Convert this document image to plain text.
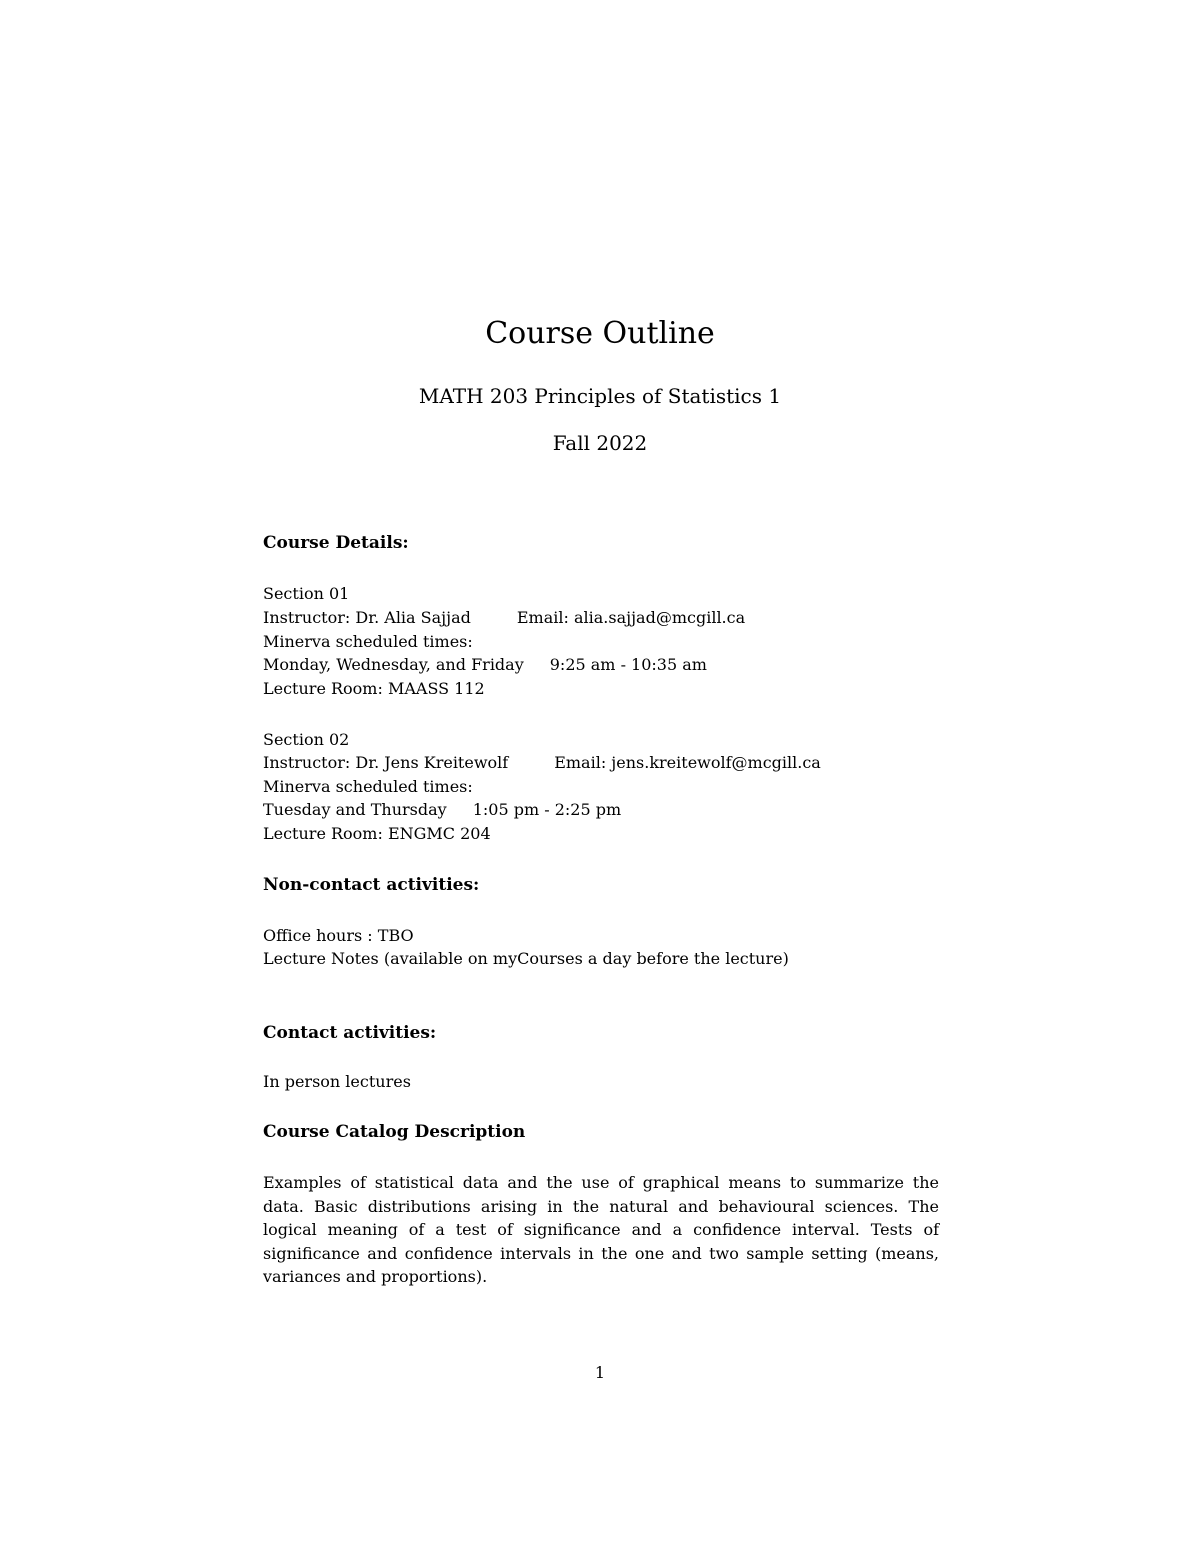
Course Outline
MATH 203 Principles of Statistics 1
Fall 2022
Course Details:
Section 01
Instructor: Dr. Alia Sajjad	Email: alia.sajjad@mcgill.ca
Minerva scheduled times:
Monday, Wednesday, and Friday 9:25 am - 10:35 am
Lecture Room: MAASS 112
Section 02
Instructor: Dr. Jens Kreitewolf	Email: jens.kreitewolf@mcgill.ca
Minerva scheduled times:
Tuesday and Thursday 1:05 pm - 2:25 pm
Lecture Room: ENGMC 204
Non-contact activities:
Office hours : TBO
Lecture Notes (available on myCourses a day before the lecture)
Contact activities:
In person lectures
Course Catalog Description
Examples of statistical data and the use of graphical means to summarize the data. Basic distributions arising in the natural and behavioural sciences. The logical meaning of a test of significance and a confidence interval. Tests of significance and confidence intervals in the one and two sample setting (means, variances and proportions).
1
